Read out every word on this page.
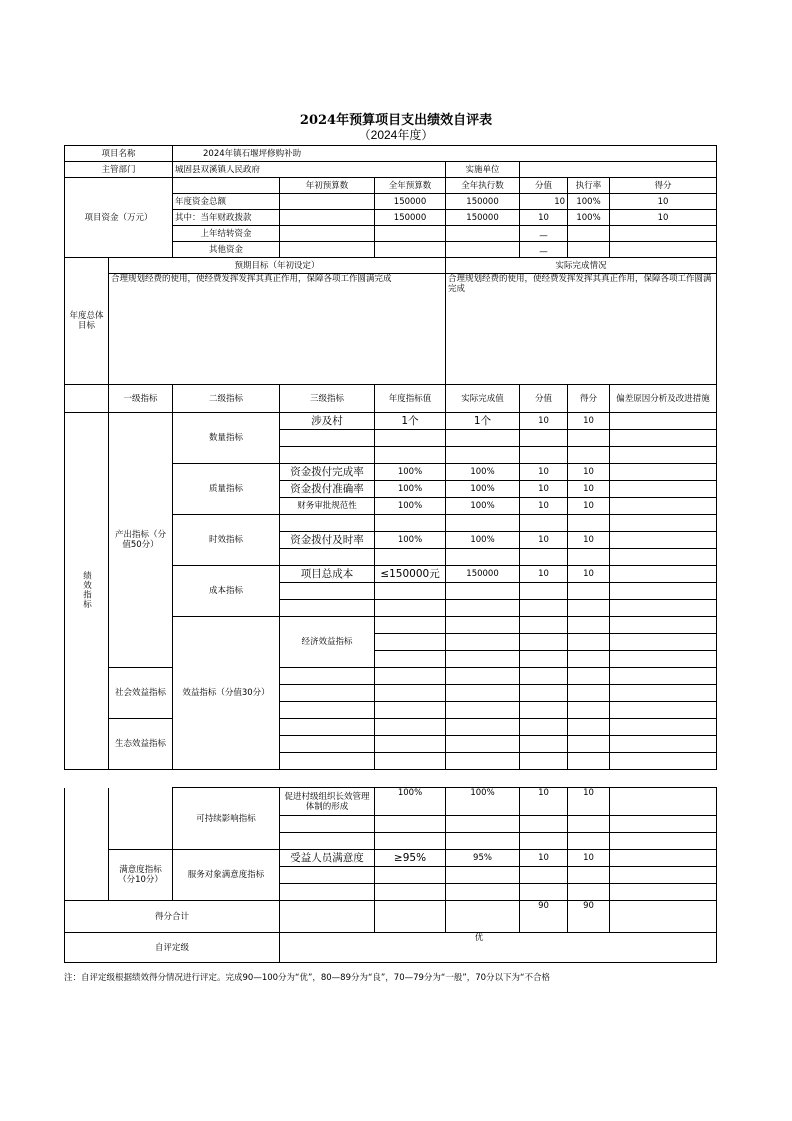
2024年预算项目支出绩效自评表
（2024年度）
项目名称		2024年镇石堰坪修购补助							
主管部门		城固县双溪镇人民政府			实施单位				
项目资金（万元）			年初预算数	全年预算数	全年执行数	分值	执行率	得分	
		年度资金总额		150000	150000	10	100%	10	
		其中：当年财政拨款		150000	150000	10	100%	10	
		上年结转资金				—			

		其他资金				—			
年度总体目标	预期目标（年初设定）				实际完成情况				
	合理规划经费的使用，使经费发挥发挥其真正作用，保障各项工作圆满完成				合理规划经费的使用，使经费发挥发挥其真正作用，保障各项工作圆满完成				
	一级指标	二级指标	三级指标	年度指标值	实际完成值	分值	得分	偏差原因分析及改进措施	
绩效指标	产出指标（分值50分）	数量指标	涉及村	1个	1个	10	10		

		质量指标	资金拨付完成率	100%	100%	10	10		
			资金拨付准确率	100%	100%	10	10		
			财务审批规范性	100%	100%	10	10		
		时效指标							
			资金拨付及时率	100%	100%	10	10		

		成本指标	项目总成本	≤150000元	150000	10	10		

		效益指标（分值30分）	经济效益指标						

	社会效益指标								

	生态效益指标								

		可持续影响指标	促进村级组织长效管理体制的形成	100%	100%	10	10	

	满意度指标（分10分）	服务对象满意度指标	受益人员满意度	≥95%	95%	10	10	

得分合计						90	90	
自评定级			优					
注：自评定级根据绩效得分情况进行评定。完成90—100分为“优”，80—89分为“良”，70—79分为“一般”，70分以下为“不合格
